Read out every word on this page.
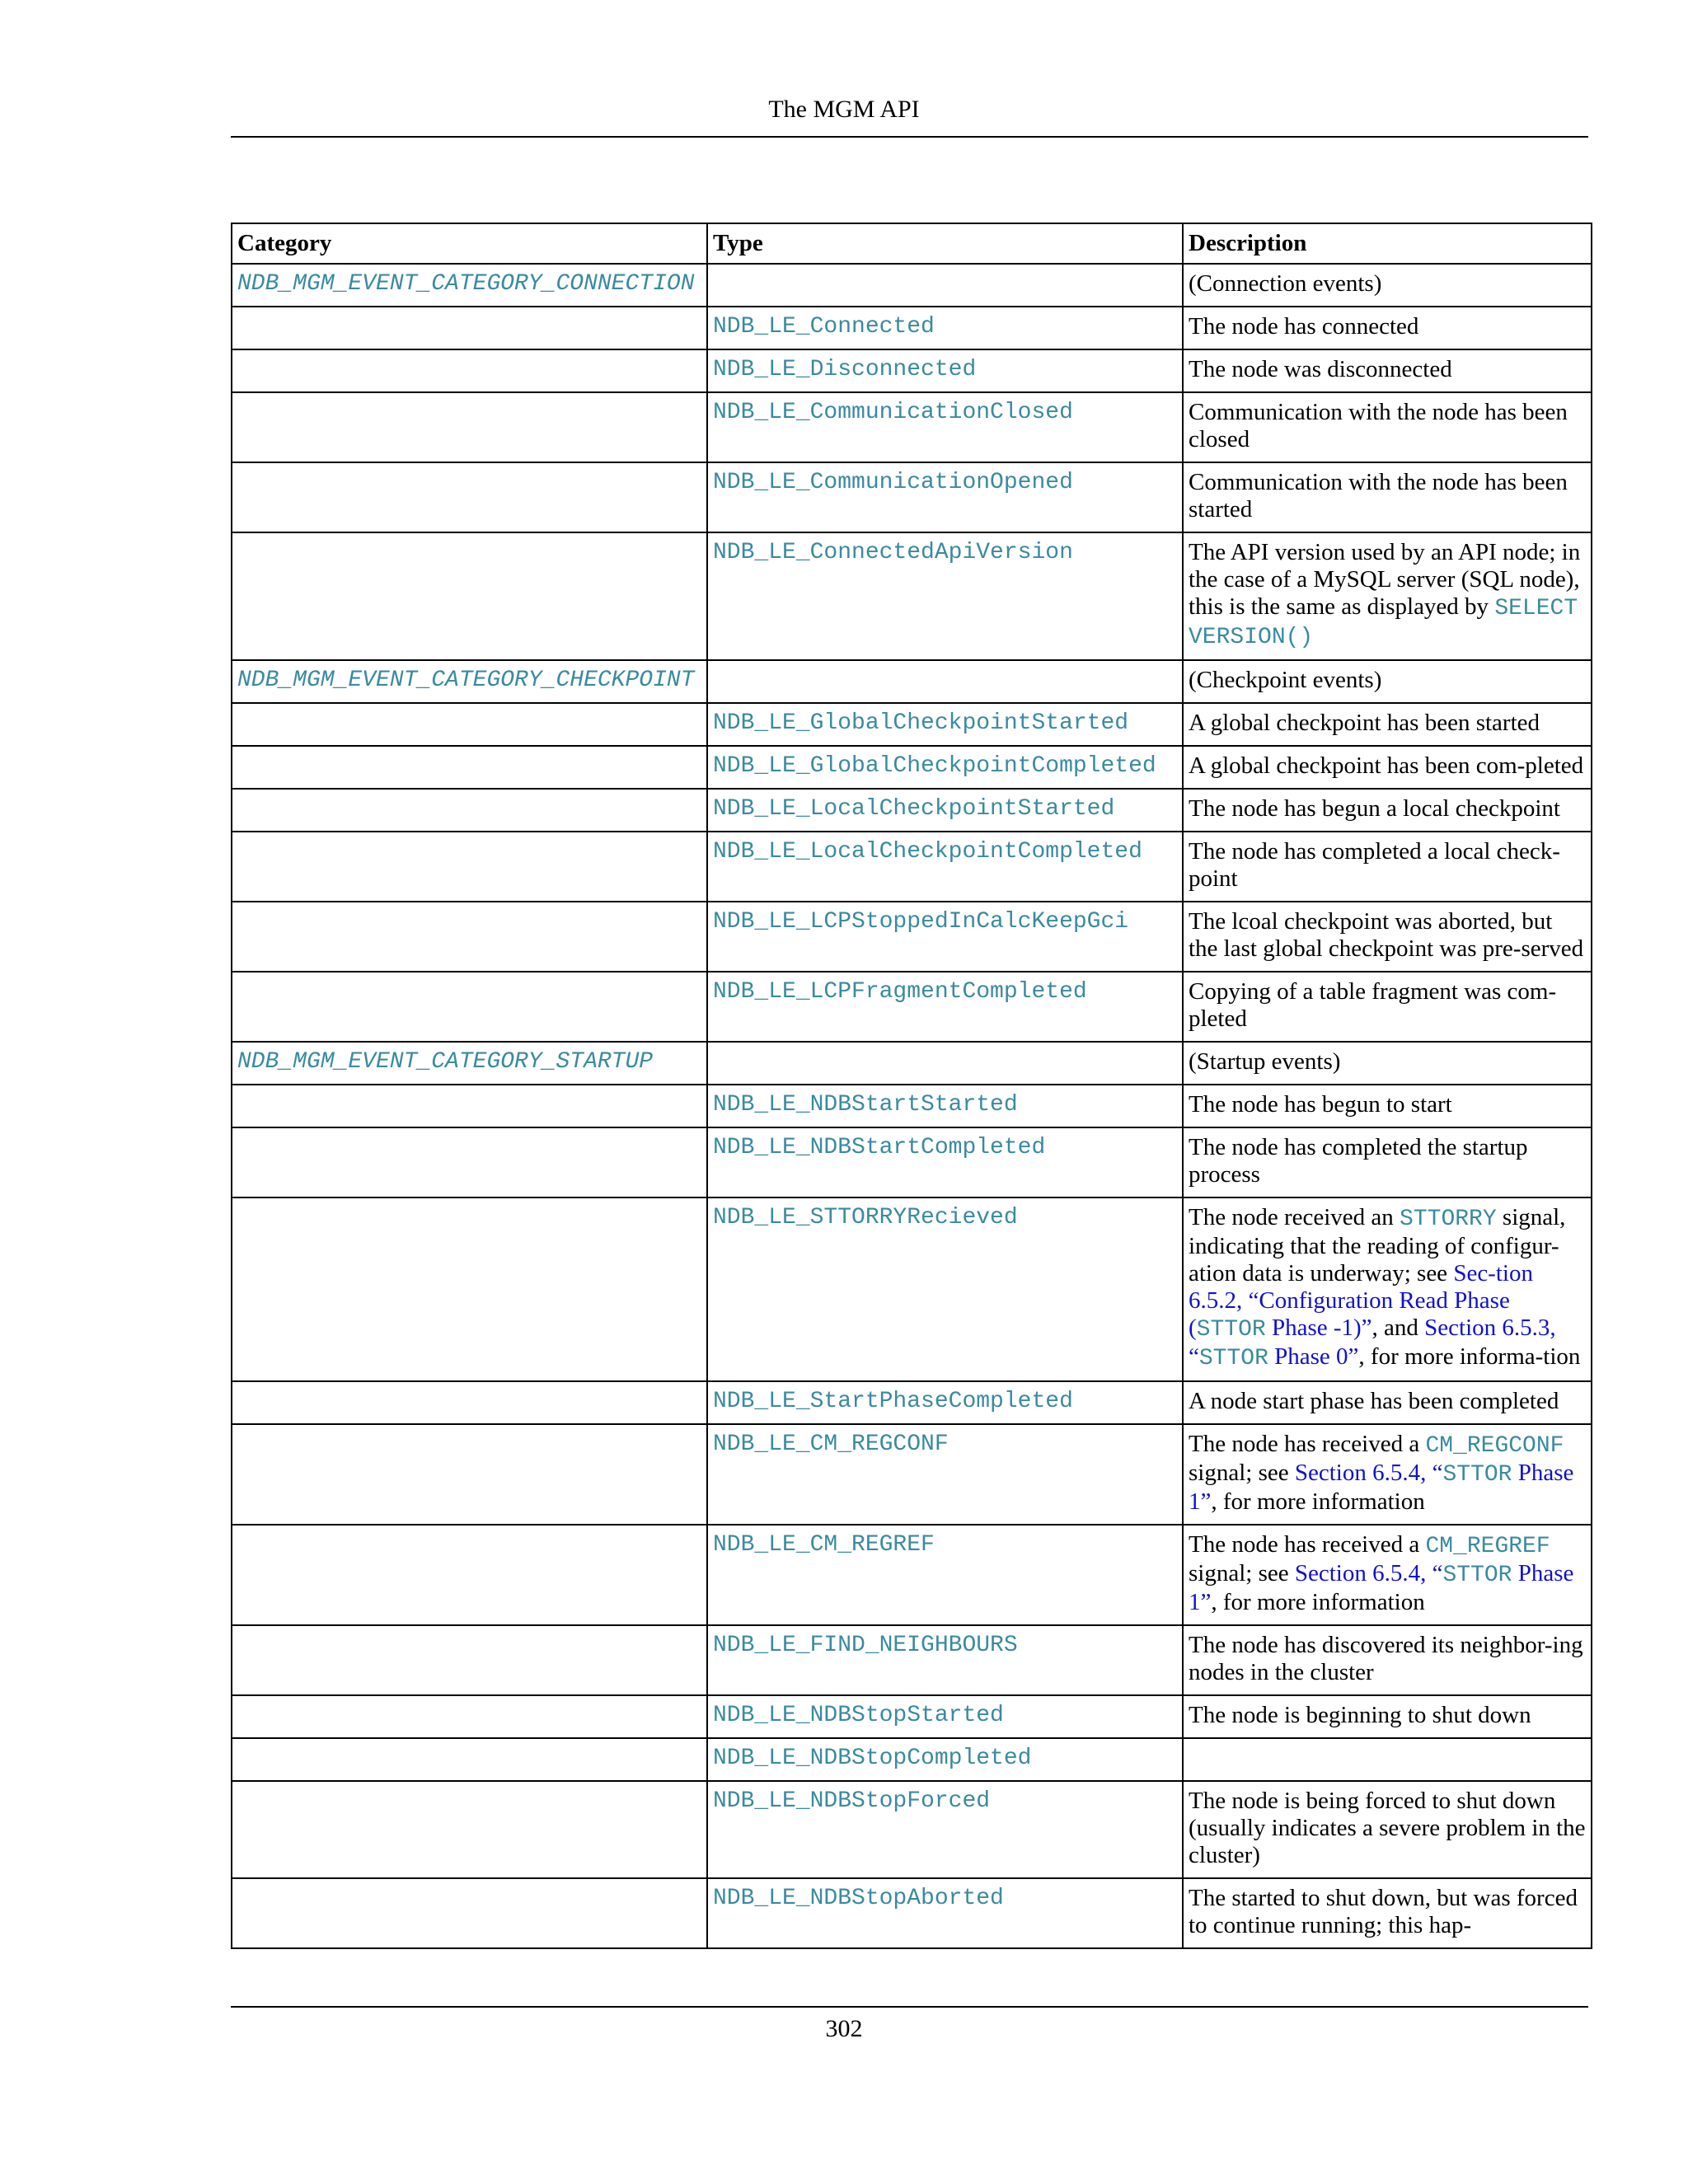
The MGM API
Category	Type	Description
NDB_MGM_EVENT_CATEGORY_CONNECTION		(Connection events)
	NDB_LE_Connected	The node has connected
	NDB_LE_Disconnected	The node was disconnected
	NDB_LE_CommunicationClosed	Communication with the node has been closed
	NDB_LE_CommunicationOpened	Communication with the node has been started
	NDB_LE_ConnectedApiVersion	The API version used by an API node; in the case of a MySQL server (SQL node), this is the same as displayed by SELECT VERSION()
NDB_MGM_EVENT_CATEGORY_CHECKPOINT		(Checkpoint events)
	NDB_LE_GlobalCheckpointStarted	A global checkpoint has been started
	NDB_LE_GlobalCheckpointCompleted	A global checkpoint has been com-pleted
	NDB_LE_LocalCheckpointStarted	The node has begun a local checkpoint
	NDB_LE_LocalCheckpointCompleted	The node has completed a local check-point
	NDB_LE_LCPStoppedInCalcKeepGci	The lcoal checkpoint was aborted, but the last global checkpoint was pre-served
	NDB_LE_LCPFragmentCompleted	Copying of a table fragment was com-pleted
NDB_MGM_EVENT_CATEGORY_STARTUP		(Startup events)
	NDB_LE_NDBStartStarted	The node has begun to start
	NDB_LE_NDBStartCompleted	The node has completed the startup process
	NDB_LE_STTORRYRecieved	The node received an STTORRY signal, indicating that the reading of configur-ation data is underway; see Sec-tion 6.5.2, “Configuration Read Phase (STTOR Phase -1)”, and Section 6.5.3, “STTOR Phase 0”, for more informa-tion
	NDB_LE_StartPhaseCompleted	A node start phase has been completed
	NDB_LE_CM_REGCONF	The node has received a CM_REGCONF signal; see Section 6.5.4, “STTOR Phase 1”, for more information
	NDB_LE_CM_REGREF	The node has received a CM_REGREF signal; see Section 6.5.4, “STTOR Phase 1”, for more information
	NDB_LE_FIND_NEIGHBOURS	The node has discovered its neighbor-ing nodes in the cluster
	NDB_LE_NDBStopStarted	The node is beginning to shut down
	NDB_LE_NDBStopCompleted	
	NDB_LE_NDBStopForced	The node is being forced to shut down (usually indicates a severe problem in the cluster)
	NDB_LE_NDBStopAborted	The started to shut down, but was forced to continue running; this hap-
302
